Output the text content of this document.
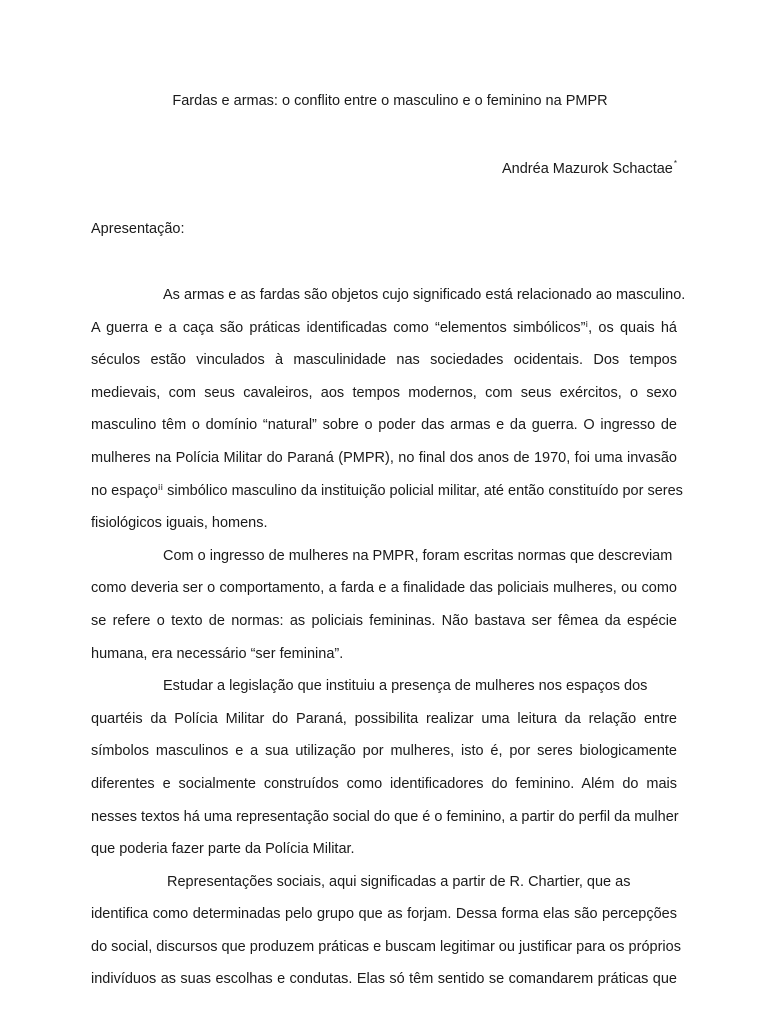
Fardas e armas: o conflito entre o masculino e o feminino na PMPR
Andréa Mazurok Schactae*
Apresentação:
As armas e as fardas são objetos cujo significado está relacionado ao masculino.
A guerra e a caça são práticas identificadas como “elementos simbólicos”ⁱ, os quais há
séculos estão vinculados à masculinidade nas sociedades ocidentais. Dos tempos
medievais, com seus cavaleiros, aos tempos modernos, com seus exércitos, o sexo
masculino têm o domínio “natural” sobre o poder das armas e da guerra. O ingresso de
mulheres na Polícia Militar do Paraná (PMPR), no final dos anos de 1970, foi uma invasão
no espaçoⁱⁱ simbólico masculino da instituição policial militar, até então constituído por seres
fisiológicos iguais, homens.
Com o ingresso de mulheres na PMPR, foram escritas normas que descreviam
como deveria ser o comportamento, a farda e a finalidade das policiais mulheres, ou como
se refere o texto de normas: as policiais femininas. Não bastava ser fêmea da espécie
humana, era necessário “ser feminina”.
Estudar a legislação que instituiu a presença de mulheres nos espaços dos
quartéis da Polícia Militar do Paraná, possibilita realizar uma leitura da relação entre
símbolos masculinos e a sua utilização por mulheres, isto é, por seres biologicamente
diferentes e socialmente construídos como identificadores do feminino. Além do mais
nesses textos há uma representação social do que é o feminino, a partir do perfil da mulher
que poderia fazer parte da Polícia Militar.
Representações sociais, aqui significadas a partir de R. Chartier, que as
identifica como determinadas pelo grupo que as forjam. Dessa forma elas são percepções
do social, discursos que produzem práticas e buscam legitimar ou justificar para os próprios
indivíduos as suas escolhas e condutas. Elas só têm sentido se comandarem práticas que
